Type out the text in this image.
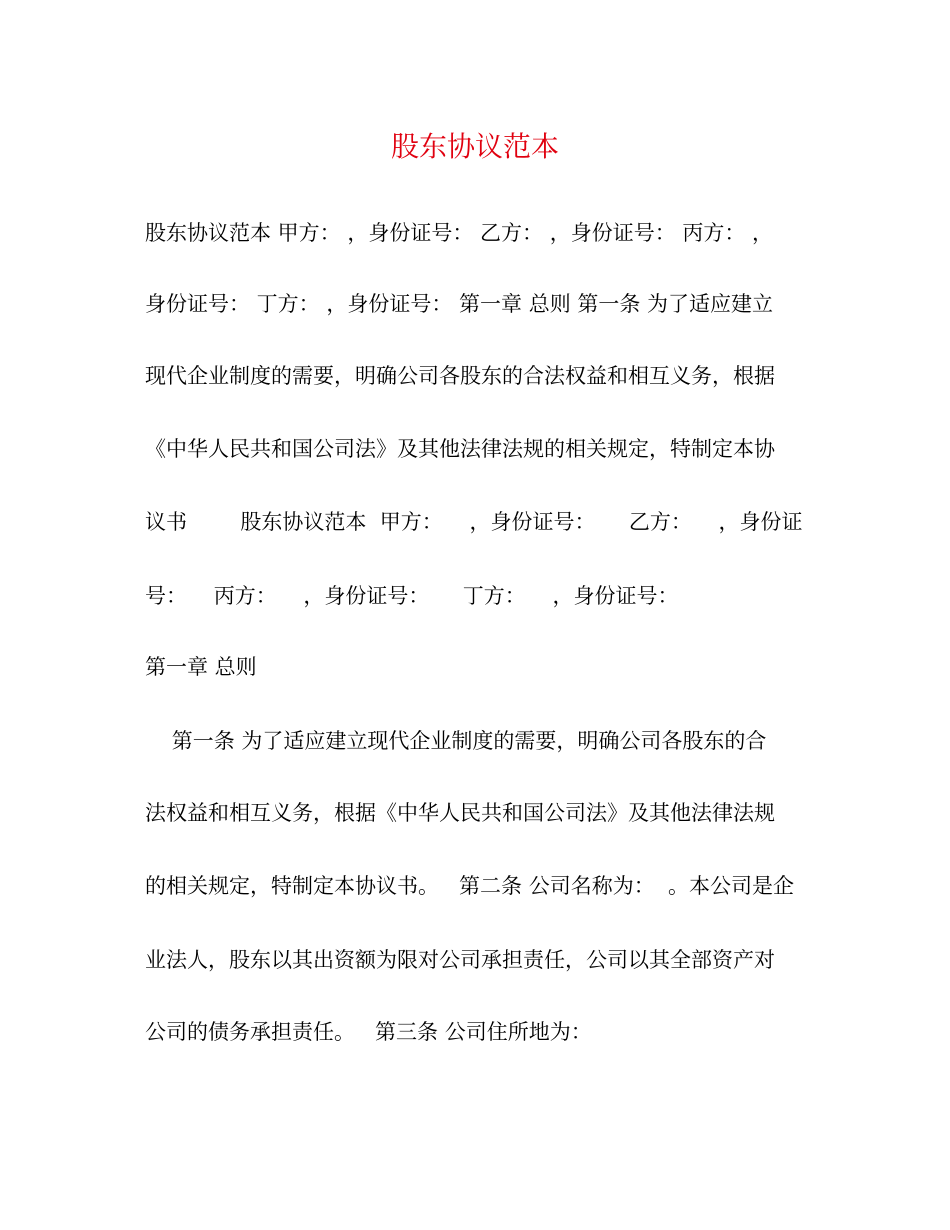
股东协议范本
股东协议范本 甲方： ，身份证号： 乙方： ，身份证号： 丙方： ，
身份证号： 丁方： ，身份证号： 第一章 总则 第一条 为了适应建立
现代企业制度的需要，明确公司各股东的合法权益和相互义务，根据
《中华人民共和国公司法》及其他法律法规的相关规定，特制定本协
议书        股东协议范本  甲方：    ，身份证号：     乙方：    ，身份证
号：    丙方：    ，身份证号：     丁方：    ，身份证号：
第一章 总则
第一条 为了适应建立现代企业制度的需要，明确公司各股东的合
法权益和相互义务，根据《中华人民共和国公司法》及其他法律法规
的相关规定，特制定本协议书。   第二条 公司名称为：  。本公司是企
业法人，股东以其出资额为限对公司承担责任，公司以其全部资产对
公司的债务承担责任。   第三条 公司住所地为：
